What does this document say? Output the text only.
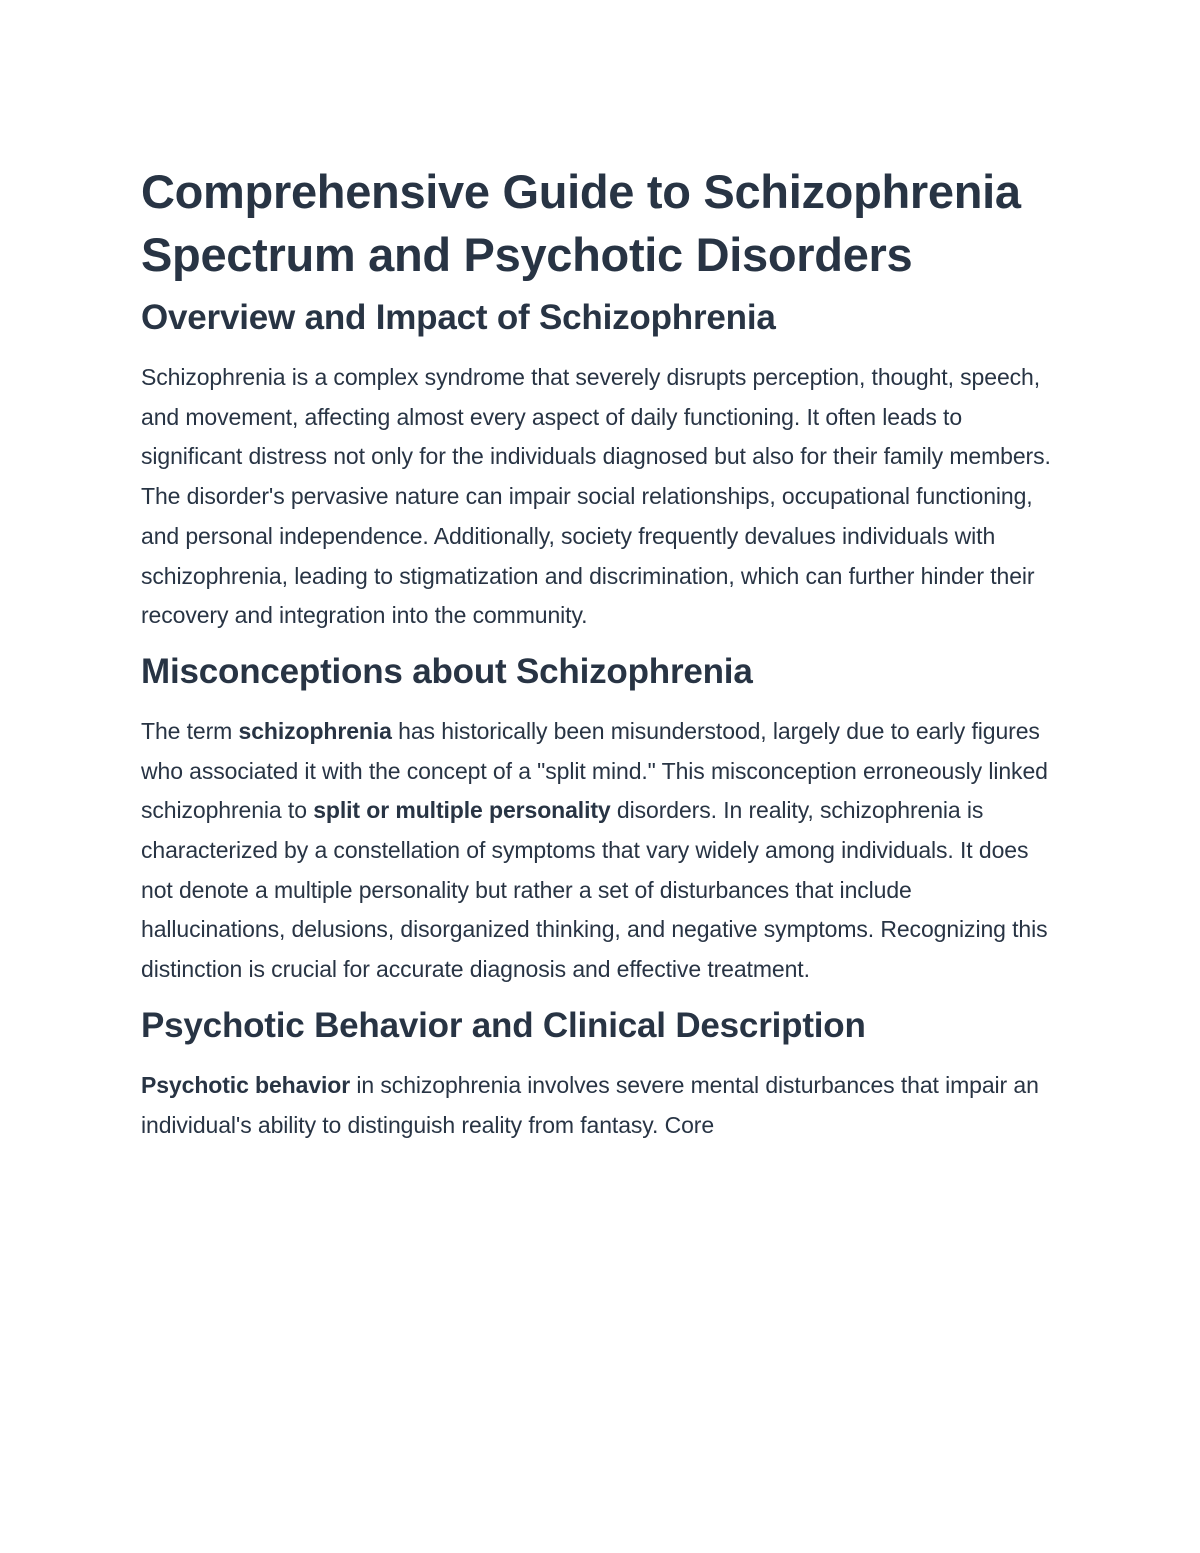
Comprehensive Guide to Schizophrenia Spectrum and Psychotic Disorders
Overview and Impact of Schizophrenia

Schizophrenia is a complex syndrome that severely disrupts perception, thought, speech, and movement, affecting almost every aspect of daily functioning. It often leads to significant distress not only for the individuals diagnosed but also for their family members. The disorder's pervasive nature can impair social relationships, occupational functioning, and personal independence. Additionally, society frequently devalues individuals with schizophrenia, leading to stigmatization and discrimination, which can further hinder their recovery and integration into the community.

Misconceptions about Schizophrenia

The term schizophrenia has historically been misunderstood, largely due to early figures who associated it with the concept of a "split mind." This misconception erroneously linked schizophrenia to split or multiple personality disorders. In reality, schizophrenia is characterized by a constellation of symptoms that vary widely among individuals. It does not denote a multiple personality but rather a set of disturbances that include hallucinations, delusions, disorganized thinking, and negative symptoms. Recognizing this distinction is crucial for accurate diagnosis and effective treatment.

Psychotic Behavior and Clinical Description

Psychotic behavior in schizophrenia involves severe mental disturbances that impair an individual's ability to distinguish reality from fantasy. Core
